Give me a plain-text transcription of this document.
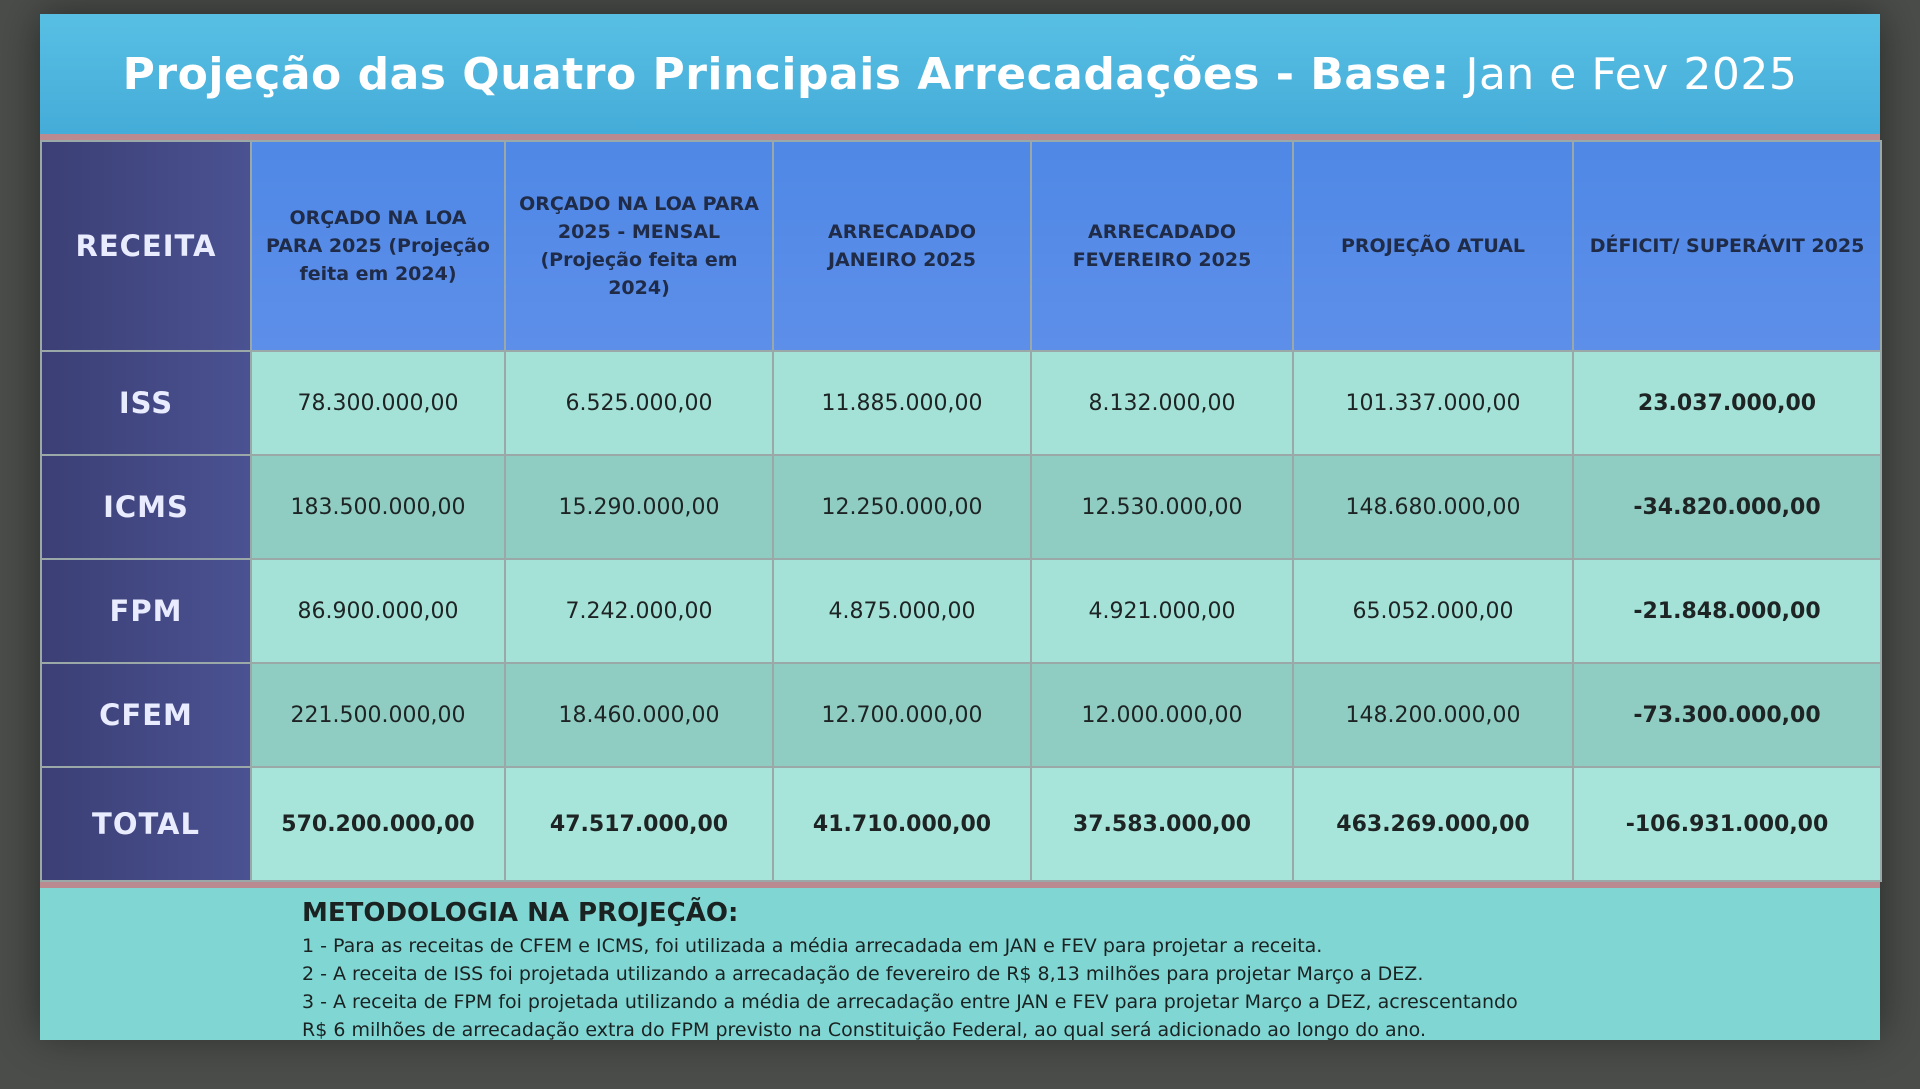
Projeção das Quatro Principais Arrecadações - Base: Jan e Fev 2025
RECEITA	ORÇADO NA LOA PARA 2025 (Projeção feita em 2024)	ORÇADO NA LOA PARA 2025 - MENSAL (Projeção feita em 2024)	ARRECADADO JANEIRO 2025	ARRECADADO FEVEREIRO 2025	PROJEÇÃO ATUAL	DÉFICIT/ SUPERÁVIT 2025
ISS	78.300.000,00	6.525.000,00	11.885.000,00	8.132.000,00	101.337.000,00	23.037.000,00
ICMS	183.500.000,00	15.290.000,00	12.250.000,00	12.530.000,00	148.680.000,00	-34.820.000,00
FPM	86.900.000,00	7.242.000,00	4.875.000,00	4.921.000,00	65.052.000,00	-21.848.000,00
CFEM	221.500.000,00	18.460.000,00	12.700.000,00	12.000.000,00	148.200.000,00	-73.300.000,00
TOTAL	570.200.000,00	47.517.000,00	41.710.000,00	37.583.000,00	463.269.000,00	-106.931.000,00
METODOLOGIA NA PROJEÇÃO:
1 - Para as receitas de CFEM e ICMS, foi utilizada a média arrecadada em JAN e FEV para projetar a receita.
2 - A receita de ISS foi projetada utilizando a arrecadação de fevereiro de R$ 8,13 milhões para projetar Março a DEZ.
3 - A receita de FPM foi projetada utilizando a média de arrecadação entre JAN e FEV para projetar Março a DEZ, acrescentando
R$ 6 milhões de arrecadação extra do FPM previsto na Constituição Federal, ao qual será adicionado ao longo do ano.
